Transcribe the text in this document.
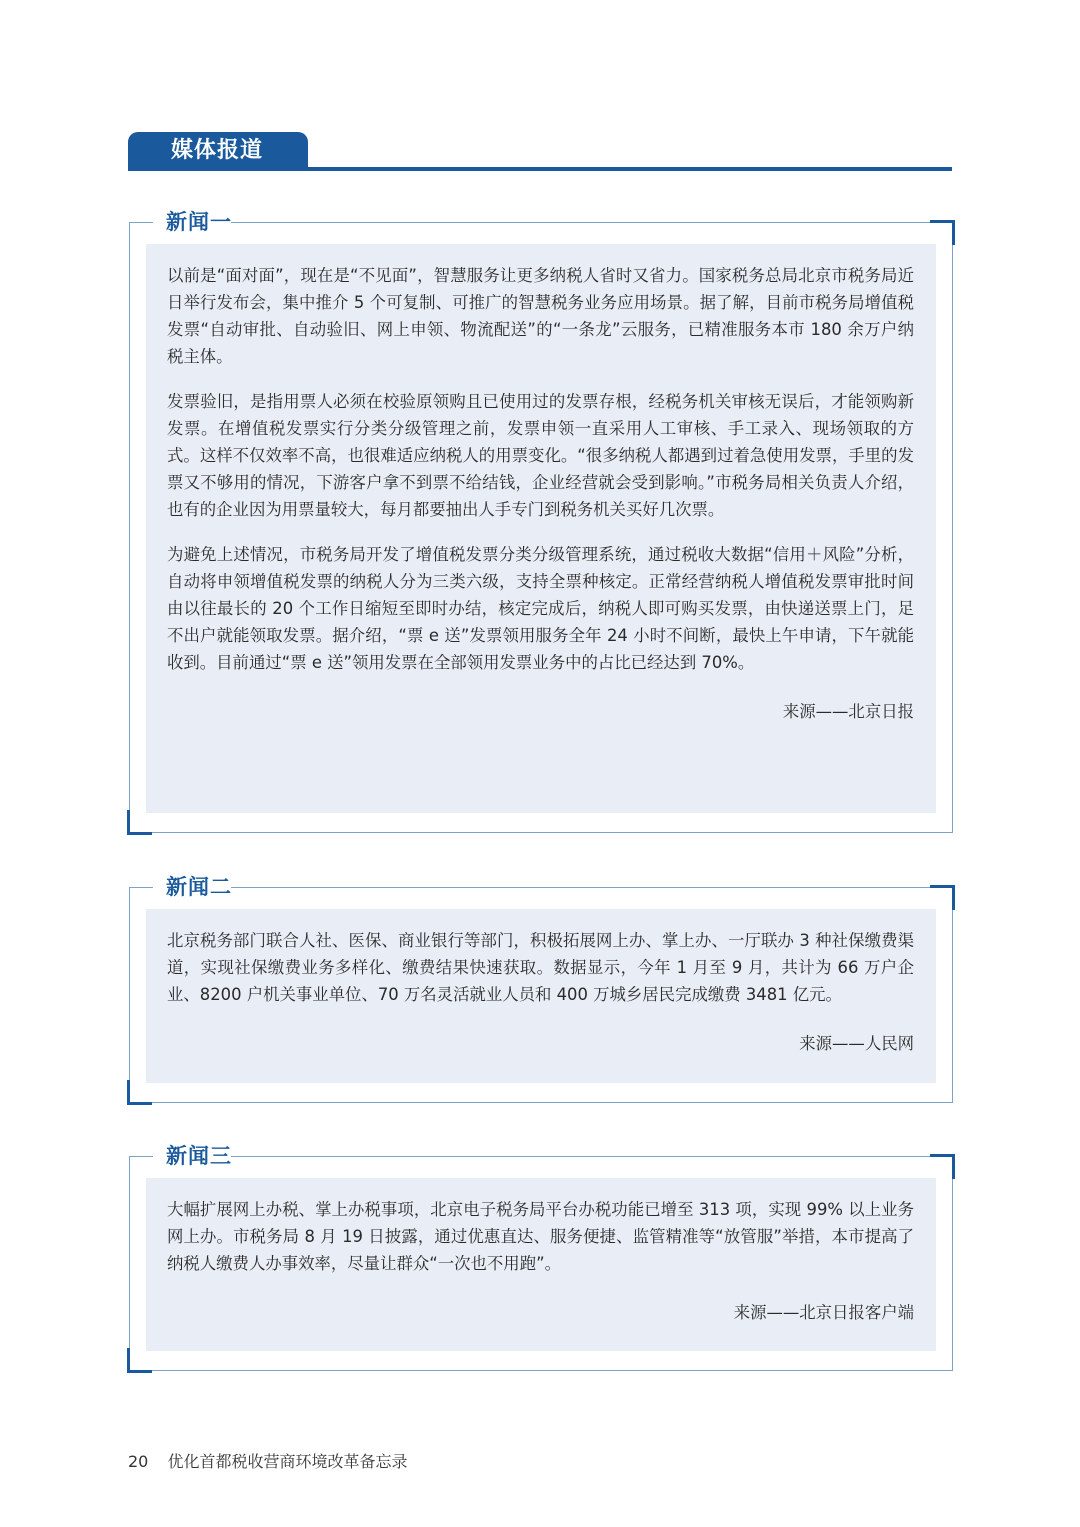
媒体报道
新闻一

以前是“面对面”，现在是“不见面”，智慧服务让更多纳税人省时又省力。国家税务总局北京市税务局近日举行发布会，集中推介 5 个可复制、可推广的智慧税务业务应用场景。据了解，目前市税务局增值税发票“自动审批、自动验旧、网上申领、物流配送”的“一条龙”云服务，已精准服务本市 180 余万户纳税主体。

发票验旧，是指用票人必须在校验原领购且已使用过的发票存根，经税务机关审核无误后，才能领购新发票。在增值税发票实行分类分级管理之前，发票申领一直采用人工审核、手工录入、现场领取的方式。这样不仅效率不高，也很难适应纳税人的用票变化。“很多纳税人都遇到过着急使用发票，手里的发票又不够用的情况，下游客户拿不到票不给结钱，企业经营就会受到影响。”市税务局相关负责人介绍，也有的企业因为用票量较大，每月都要抽出人手专门到税务机关买好几次票。

为避免上述情况，市税务局开发了增值税发票分类分级管理系统，通过税收大数据“信用＋风险”分析，自动将申领增值税发票的纳税人分为三类六级，支持全票种核定。正常经营纳税人增值税发票审批时间由以往最长的 20 个工作日缩短至即时办结，核定完成后，纳税人即可购买发票，由快递送票上门，足不出户就能领取发票。据介绍，“票 e 送”发票领用服务全年 24 小时不间断，最快上午申请，下午就能收到。目前通过“票 e 送”领用发票在全部领用发票业务中的占比已经达到 70%。

来源——北京日报
新闻二

北京税务部门联合人社、医保、商业银行等部门，积极拓展网上办、掌上办、一厅联办 3 种社保缴费渠道，实现社保缴费业务多样化、缴费结果快速获取。数据显示，今年 1 月至 9 月，共计为 66 万户企业、8200 户机关事业单位、70 万名灵活就业人员和 400 万城乡居民完成缴费 3481 亿元。

来源——人民网
新闻三

大幅扩展网上办税、掌上办税事项，北京电子税务局平台办税功能已增至 313 项，实现 99% 以上业务网上办。市税务局 8 月 19 日披露，通过优惠直达、服务便捷、监管精准等“放管服”举措，本市提高了纳税人缴费人办事效率，尽量让群众“一次也不用跑”。

来源——北京日报客户端
20 优化首都税收营商环境改革备忘录
